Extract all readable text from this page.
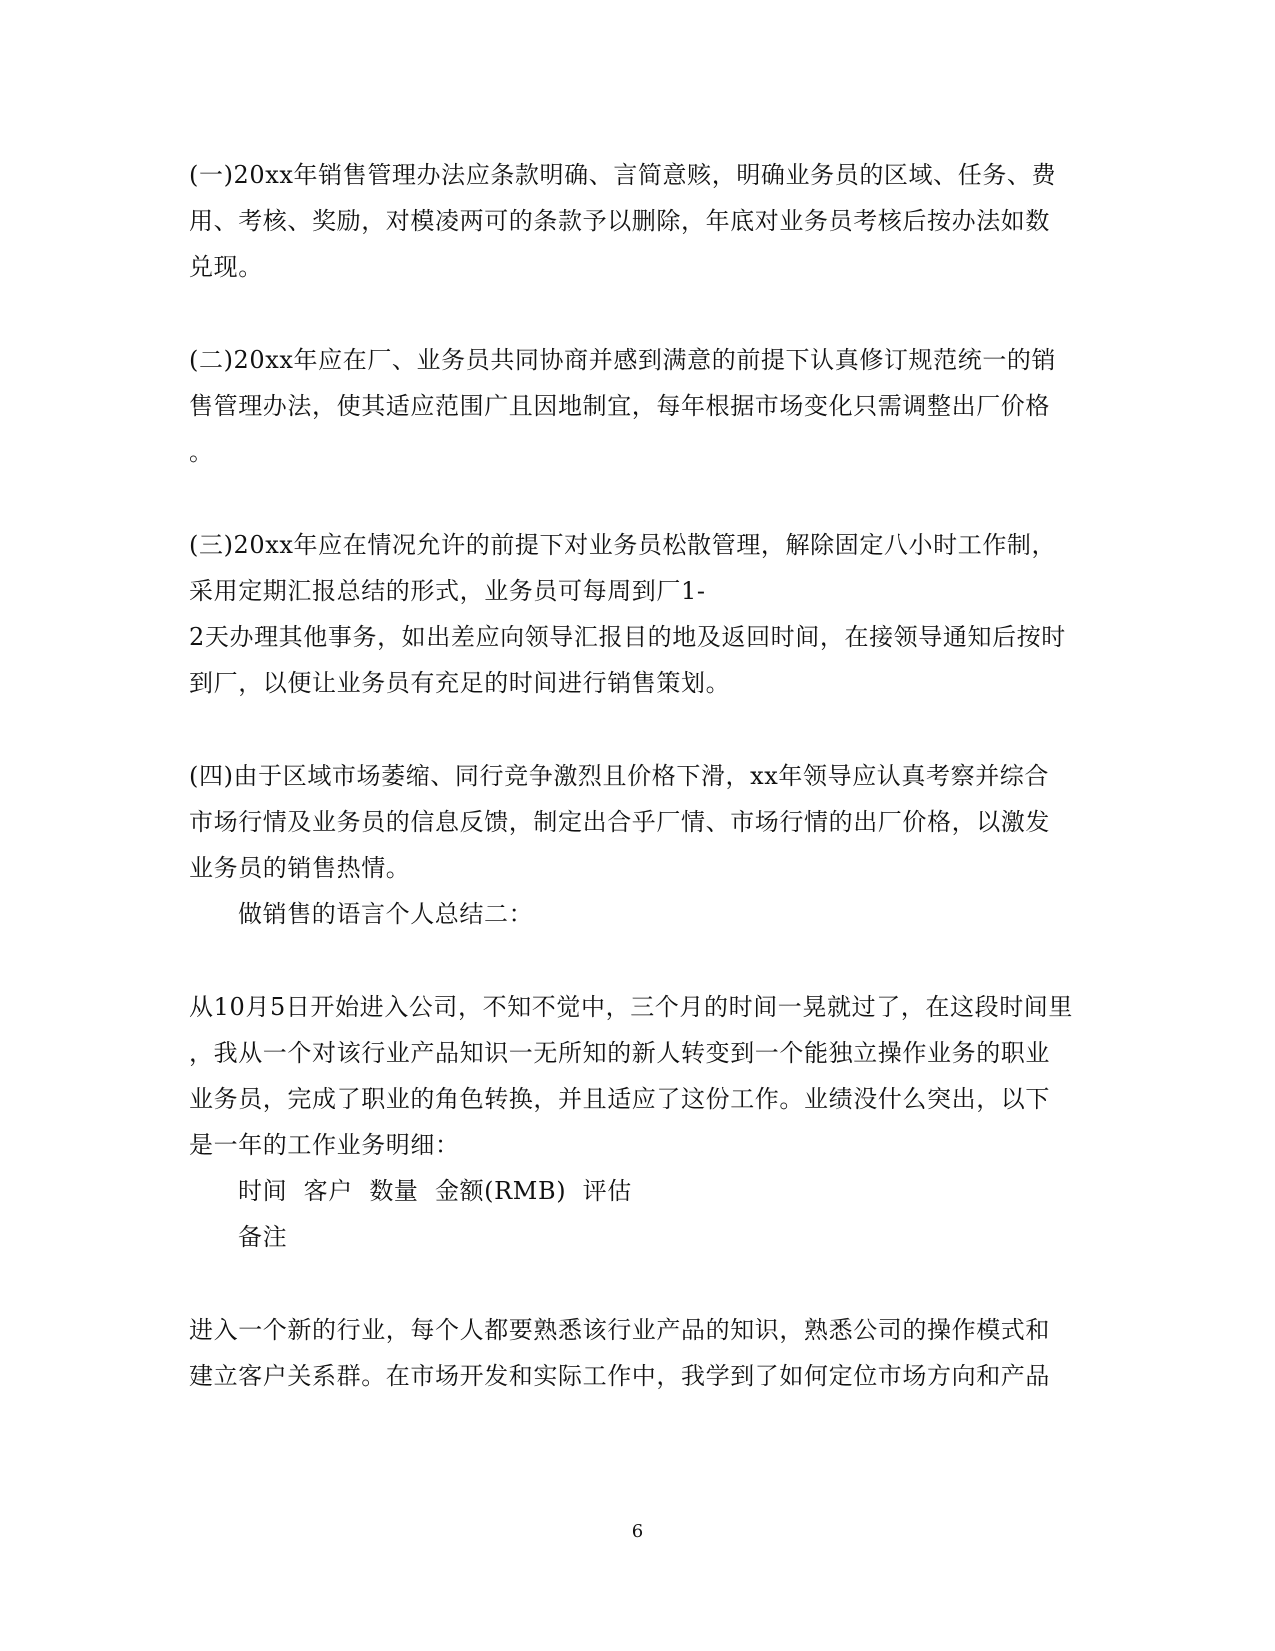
(一)20xx年销售管理办法应条款明确、言简意赅，明确业务员的区域、任务、费
用、考核、奖励，对模凌两可的条款予以删除，年底对业务员考核后按办法如数
兑现。
(二)20xx年应在厂、业务员共同协商并感到满意的前提下认真修订规范统一的销
售管理办法，使其适应范围广且因地制宜，每年根据市场变化只需调整出厂价格
。
(三)20xx年应在情况允许的前提下对业务员松散管理，解除固定八小时工作制，
采用定期汇报总结的形式，业务员可每周到厂1-
2天办理其他事务，如出差应向领导汇报目的地及返回时间，在接领导通知后按时
到厂，以便让业务员有充足的时间进行销售策划。
(四)由于区域市场萎缩、同行竞争激烈且价格下滑，xx年领导应认真考察并综合
市场行情及业务员的信息反馈，制定出合乎厂情、市场行情的出厂价格，以激发
业务员的销售热情。
做销售的语言个人总结二：
从10月5日开始进入公司，不知不觉中，三个月的时间一晃就过了，在这段时间里
，我从一个对该行业产品知识一无所知的新人转变到一个能独立操作业务的职业
业务员，完成了职业的角色转换，并且适应了这份工作。业绩没什么突出，以下
是一年的工作业务明细：
时间  客户  数量  金额(RMB)  评估
备注
进入一个新的行业，每个人都要熟悉该行业产品的知识，熟悉公司的操作模式和
建立客户关系群。在市场开发和实际工作中，我学到了如何定位市场方向和产品
6
